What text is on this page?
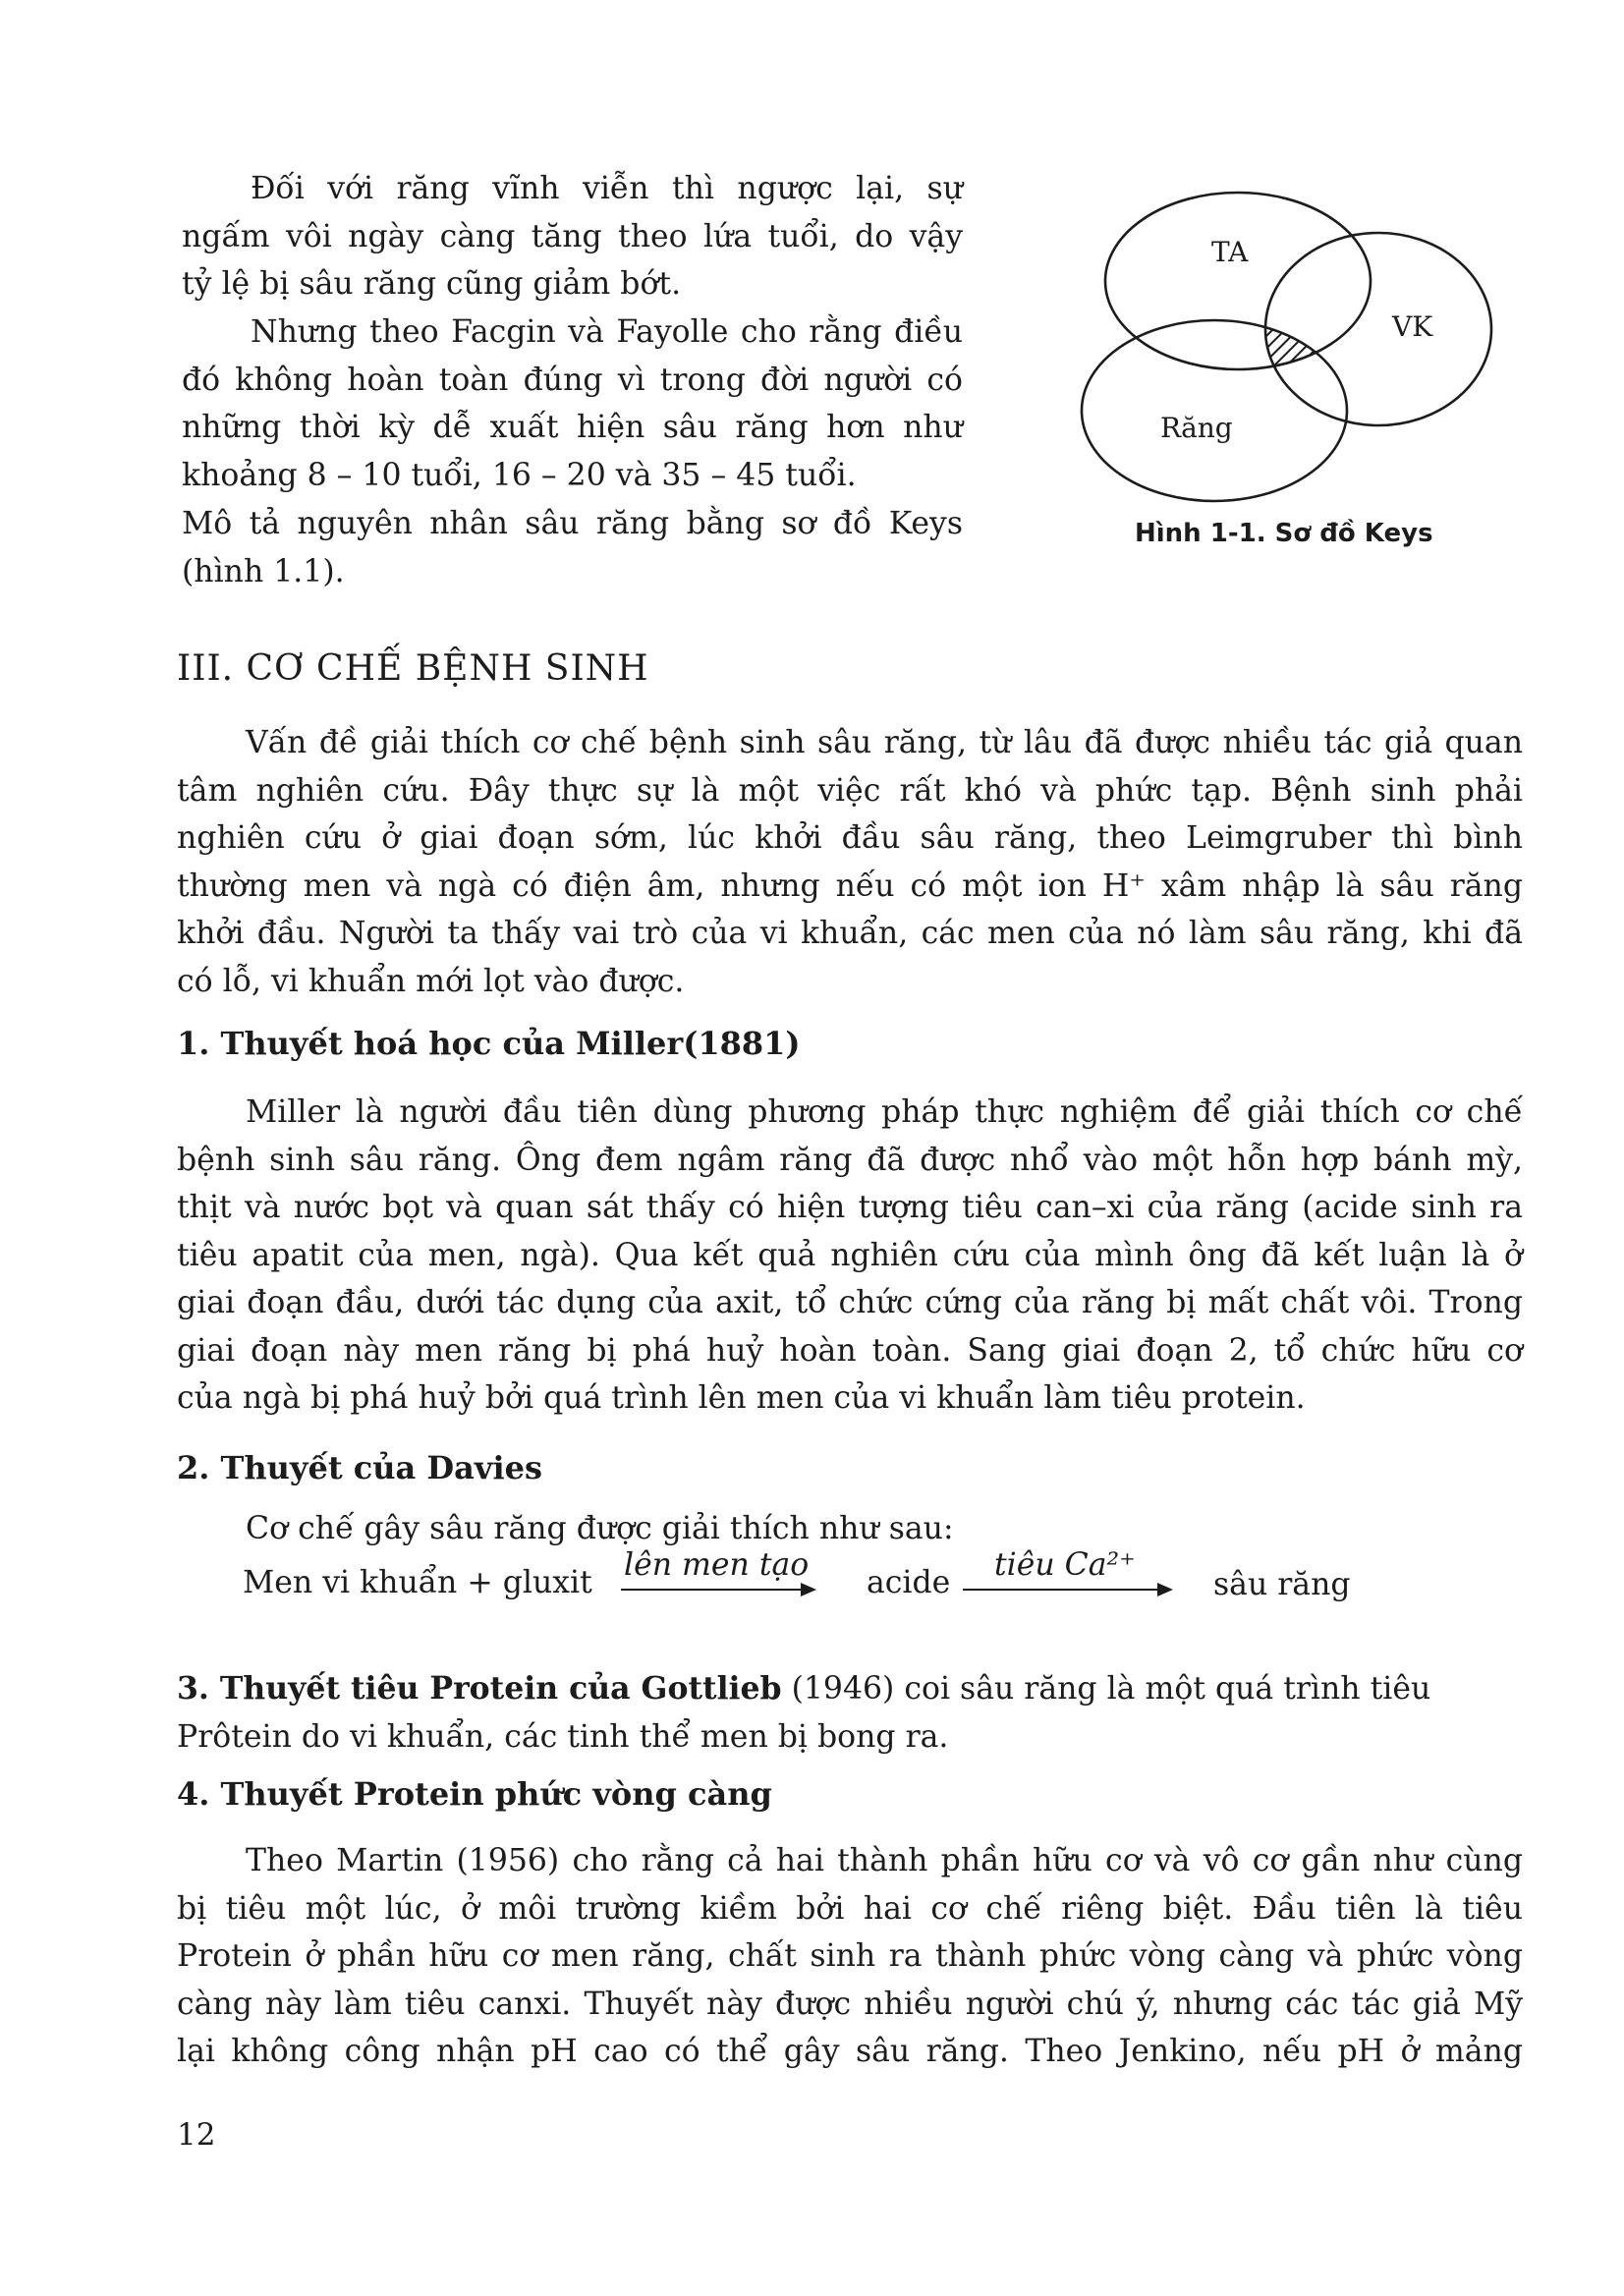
Đối với răng vĩnh viễn thì ngược lại, sự
ngấm vôi ngày càng tăng theo lứa tuổi, do vậy
tỷ lệ bị sâu răng cũng giảm bớt.

Nhưng theo Facgin và Fayolle cho rằng điều
đó không hoàn toàn đúng vì trong đời người có
những thời kỳ dễ xuất hiện sâu răng hơn như
khoảng 8 – 10 tuổi, 16 – 20 và 35 – 45 tuổi.

Mô tả nguyên nhân sâu răng bằng sơ đồ Keys
(hình 1.1).

TA
VK
Răng

Hình 1-1. Sơ đồ Keys

III. CƠ CHẾ BỆNH SINH

Vấn đề giải thích cơ chế bệnh sinh sâu răng, từ lâu đã được nhiều tác giả quan
tâm nghiên cứu. Đây thực sự là một việc rất khó và phức tạp. Bệnh sinh phải
nghiên cứu ở giai đoạn sớm, lúc khởi đầu sâu răng, theo Leimgruber thì bình
thường men và ngà có điện âm, nhưng nếu có một ion H⁺ xâm nhập là sâu răng
khởi đầu. Người ta thấy vai trò của vi khuẩn, các men của nó làm sâu răng, khi đã
có lỗ, vi khuẩn mới lọt vào được.

1. Thuyết hoá học của Miller(1881)

Miller là người đầu tiên dùng phương pháp thực nghiệm để giải thích cơ chế
bệnh sinh sâu răng. Ông đem ngâm răng đã được nhổ vào một hỗn hợp bánh mỳ,
thịt và nước bọt và quan sát thấy có hiện tượng tiêu can–xi của răng (acide sinh ra
tiêu apatit của men, ngà). Qua kết quả nghiên cứu của mình ông đã kết luận là ở
giai đoạn đầu, dưới tác dụng của axit, tổ chức cứng của răng bị mất chất vôi. Trong
giai đoạn này men răng bị phá huỷ hoàn toàn. Sang giai đoạn 2, tổ chức hữu cơ
của ngà bị phá huỷ bởi quá trình lên men của vi khuẩn làm tiêu protein.

2. Thuyết của Davies

Cơ chế gây sâu răng được giải thích như sau:

Men vi khuẩn + gluxit lên men tạo acide tiêu Ca²⁺
sâu răng

3. Thuyết tiêu Protein của Gottlieb (1946) coi sâu răng là một quá trình tiêu
Prôtein do vi khuẩn, các tinh thể men bị bong ra.

4. Thuyết Protein phức vòng càng

Theo Martin (1956) cho rằng cả hai thành phần hữu cơ và vô cơ gần như cùng
bị tiêu một lúc, ở môi trường kiềm bởi hai cơ chế riêng biệt. Đầu tiên là tiêu
Protein ở phần hữu cơ men răng, chất sinh ra thành phức vòng càng và phức vòng
càng này làm tiêu canxi. Thuyết này được nhiều người chú ý, nhưng các tác giả Mỹ
lại không công nhận pH cao có thể gây sâu răng. Theo Jenkino, nếu pH ở mảng

12
